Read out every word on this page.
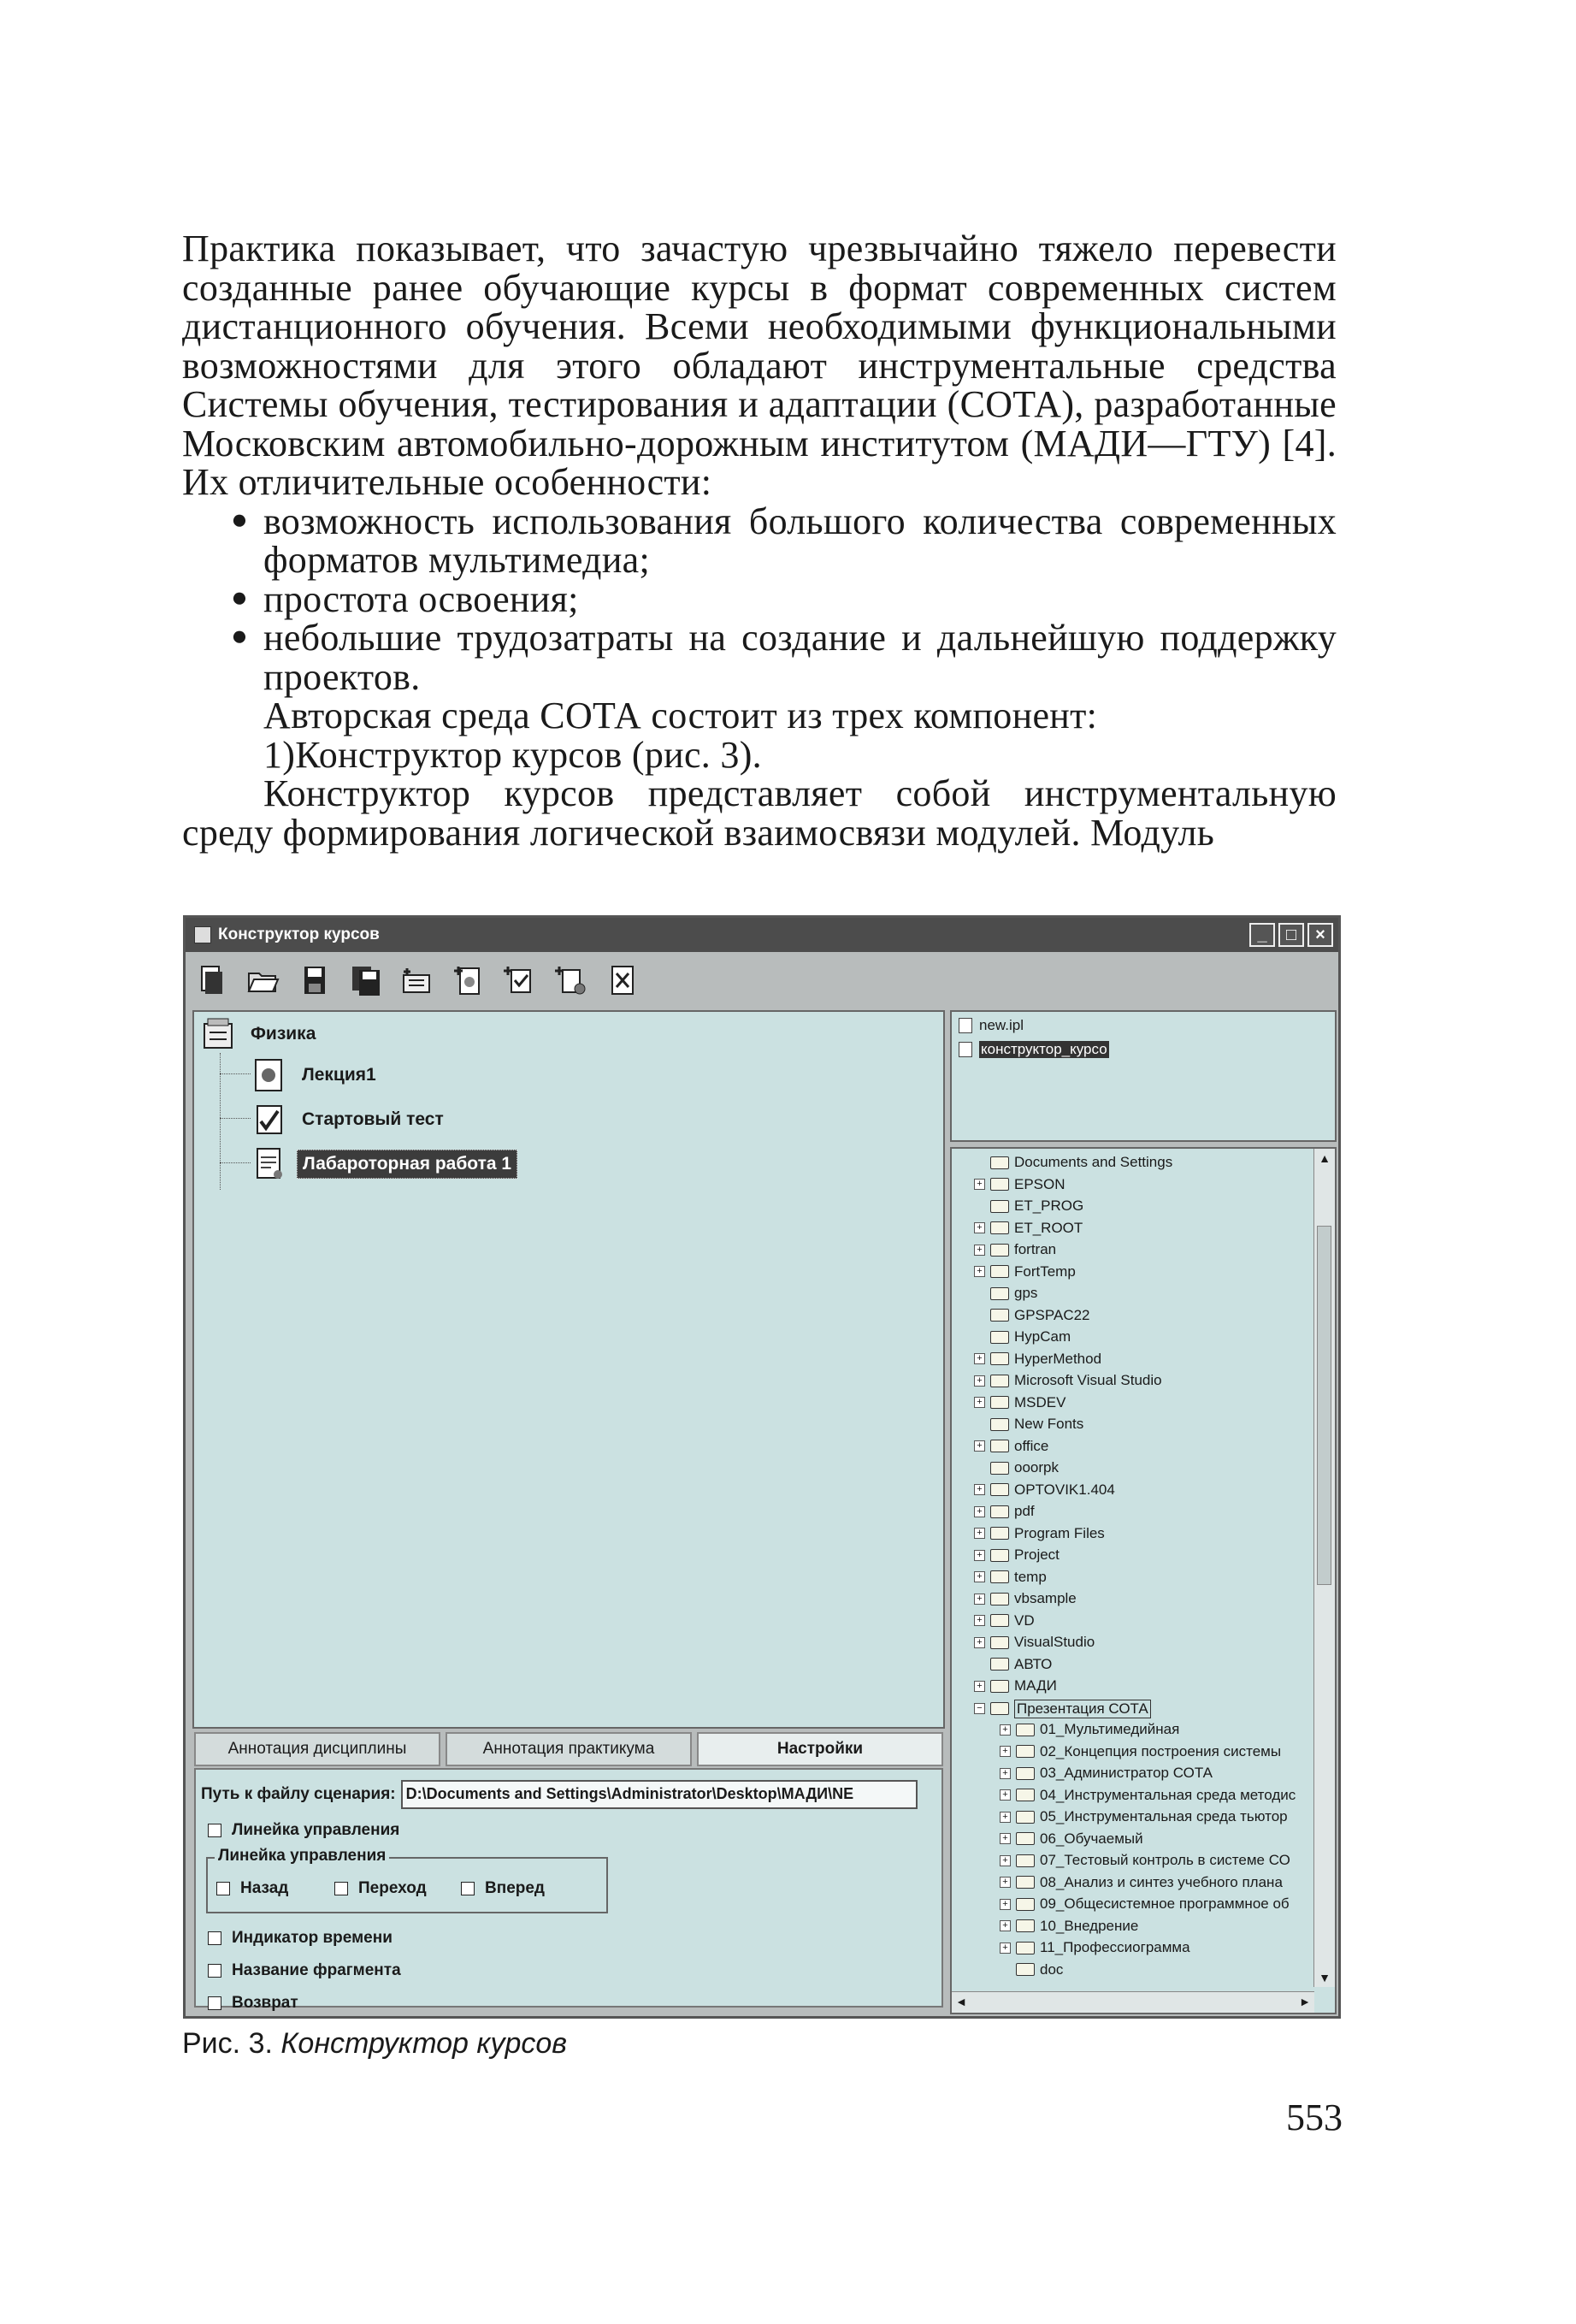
Практика показывает, что зачастую чрезвычайно тяжело перевести созданные ранее обучающие курсы в формат современных систем дистанционного обучения. Всеми необходимыми функциональными возможностями для этого обладают инструментальные средства Системы обучения, тестирования и адаптации (СОТА), разработанные Московским автомобильно-дорожным институтом (МАДИ—ГТУ) [4]. Их отличительные особенности:

● возможность использования большого количества современных форматов мультимедиа;
● простота освоения;
● небольшие трудозатраты на создание и дальнейшую поддержку проектов.

Авторская среда СОТА состоит из трех компонент:

1)Конструктор курсов (рис. 3).

Конструктор курсов представляет собой инструментальную среду формирования логической взаимосвязи модулей. Модуль

Конструктор курсов	_	□	×
Физика
Лекция1
Стартовый тест
Лабароторная работа 1
Аннотация дисциплины	Аннотация практикума	Настройки
Путь к файлу сценария: D:\Documents and Settings\Administrator\Desktop\МАДИ\NE
Линейка управления
Линейка управления
Назад	Переход	Вперед
Индикатор времени
Название фрагмента
Возврат
new.ipl
конструктор_курсо
▲
▼
◄	►
Documents and Settings
+ EPSON
ET_PROG
+ ET_ROOT
+ fortran
+ FortTemp
gps
GPSPAC22
HypCam
+ HyperMethod
+ Microsoft Visual Studio
+ MSDEV
New Fonts
+ office
ooorpk
+ OPTOVIK1.404
+ pdf
+ Program Files
+ Project
+ temp
+ vbsample
+ VD
+ VisualStudio
АВТО
+ МАДИ
− Презентация СОТА
+ 01_Мультимедийная
+ 02_Концепция построения системы
+ 03_Администратор СОТА
+ 04_Инструментальная среда методис
+ 05_Инструментальная среда тьютор
+ 06_Обучаемый
+ 07_Тестовый контроль в системе СО
+ 08_Анализ и синтез учебного плана
+ 09_Общесистемное программное об
+ 10_Внедрение
+ 11_Профессиограмма
doc
Рис. 3. Конструктор курсов
553
